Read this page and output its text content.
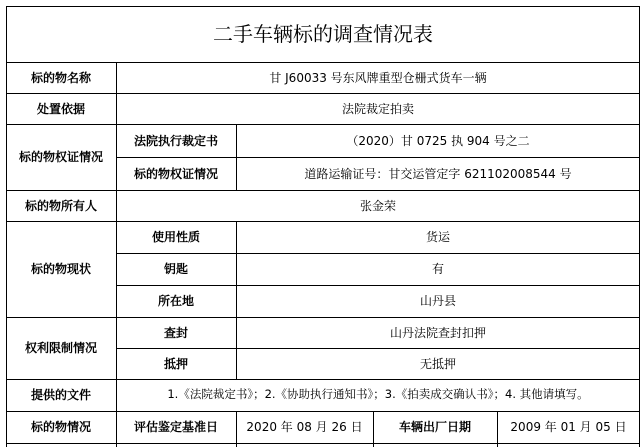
二手车辆标的调查情况表
标的物名称	甘 J60033 号东风牌重型仓栅式货车一辆
处置依据	法院裁定拍卖
标的物权证情况
法院执行裁定书	（2020）甘 0725 执 904 号之二
标的物权证情况	道路运输证号：甘交运管定字 621102008544 号
标的物所有人	张金荣
标的物现状
使用性质	货运
钥匙	有
所在地	山丹县
权利限制情况
查封	山丹法院查封扣押
抵押	无抵押
提供的文件	1.《法院裁定书》；2.《协助执行通知书》；3.《拍卖成交确认书》；4. 其他请填写。
标的物情况	评估鉴定基准日	2020 年 08 月 26 日	车辆出厂日期	2009 年 01 月 05 日
